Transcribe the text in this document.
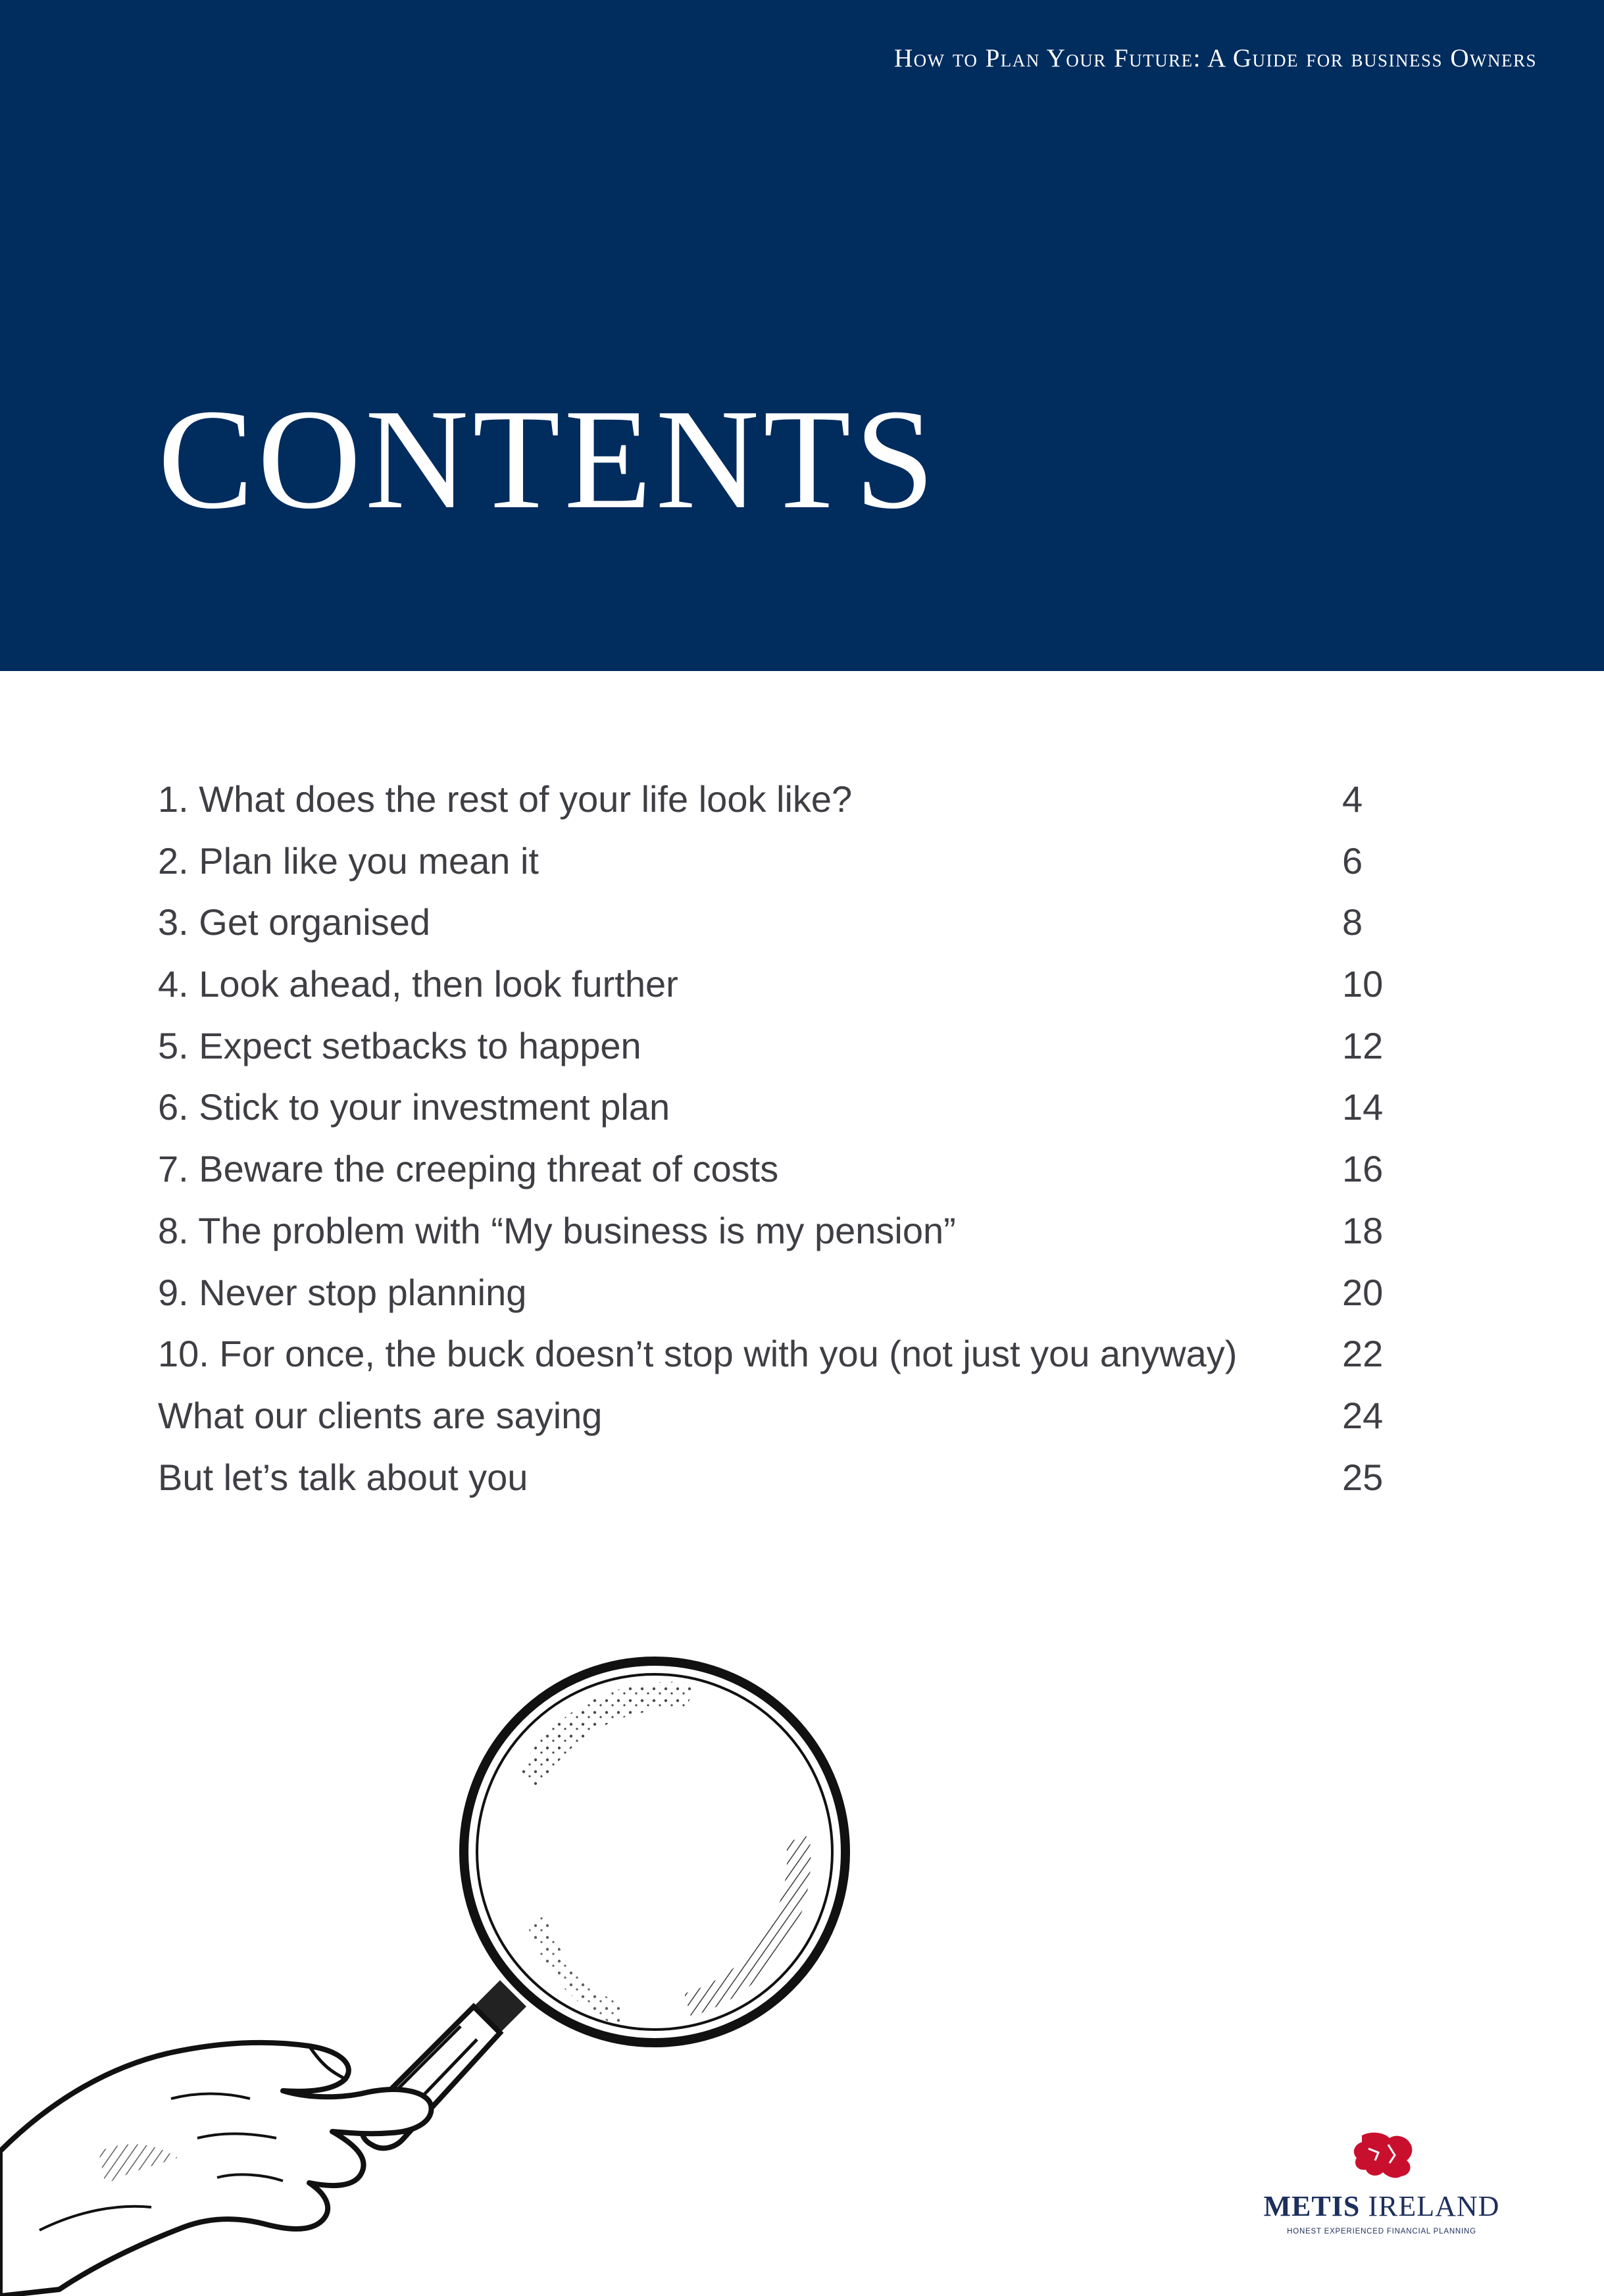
How to Plan Your Future: A Guide for business Owners
CONTENTS
1. What does the rest of your life look like?	4
2. Plan like you mean it	6
3. Get organised	8
4. Look ahead, then look further	10
5. Expect setbacks to happen	12
6. Stick to your investment plan	14
7. Beware the creeping threat of costs	16
8. The problem with “My business is my pension”	18
9. Never stop planning	20
10. For once, the buck doesn’t stop with you (not just you anyway)	22
What our clients are saying	24
But let’s talk about you	25
METIS IRELAND
HONEST EXPERIENCED FINANCIAL PLANNING
